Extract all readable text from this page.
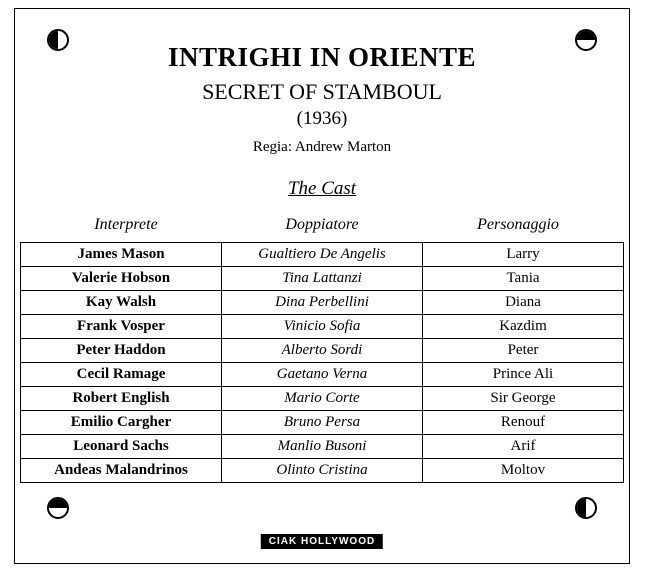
INTRIGHI IN ORIENTE
SECRET OF STAMBOUL
(1936)
Regia: Andrew Marton
The Cast
Interprete	Doppiatore	Personaggio
James Mason	Gualtiero De Angelis	Larry
Valerie Hobson	Tina Lattanzi	Tania
Kay Walsh	Dina Perbellini	Diana
Frank Vosper	Vinicio Sofia	Kazdim
Peter Haddon	Alberto Sordi	Peter
Cecil Ramage	Gaetano Verna	Prince Ali
Robert English	Mario Corte	Sir George
Emilio Cargher	Bruno Persa	Renouf
Leonard Sachs	Manlio Busoni	Arif
Andeas Malandrinos	Olinto Cristina	Moltov
CIAK HOLLYWOOD
